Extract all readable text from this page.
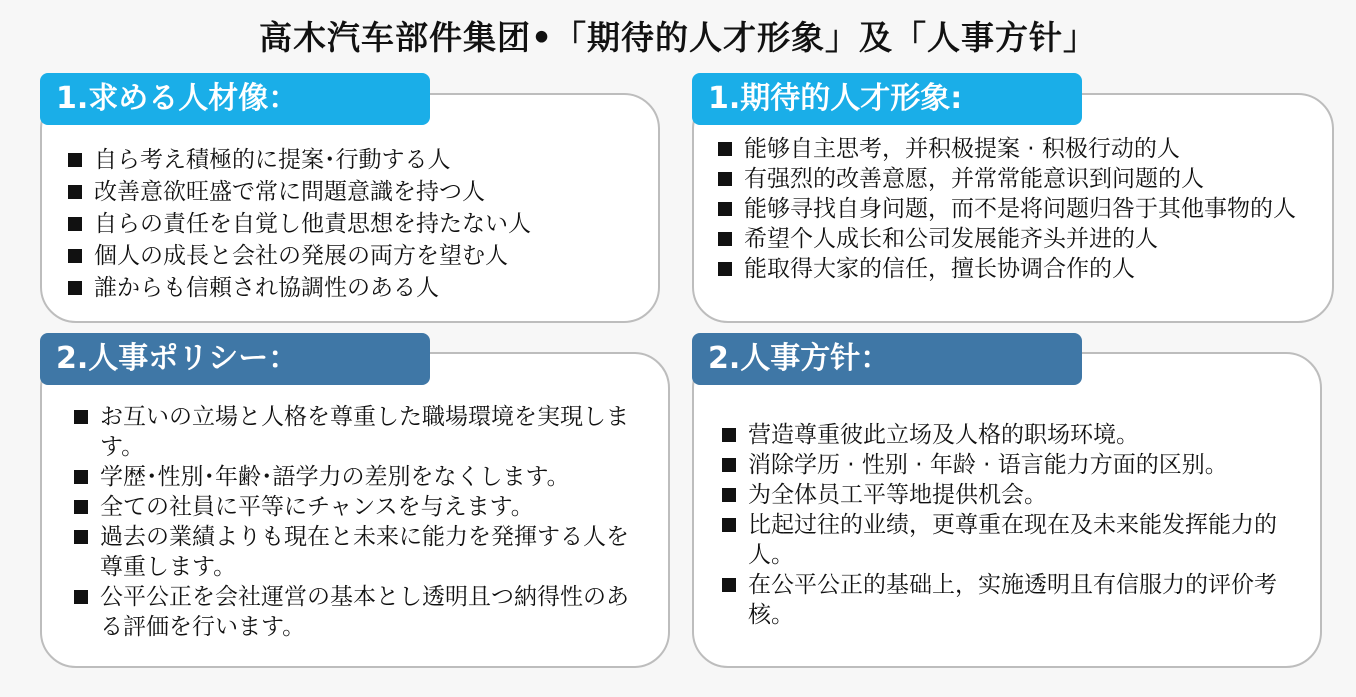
高木汽车部件集团•「期待的人才形象」及「人事方针」
1.求める人材像：
自ら考え積極的に提案･行動する人
改善意欲旺盛で常に問題意識を持つ人
自らの責任を自覚し他責思想を持たない人
個人の成長と会社の発展の両方を望む人
誰からも信頼され協調性のある人
1.期待的人才形象:
能够自主思考，并积极提案 · 积极行动的人
有强烈的改善意愿，并常常能意识到问题的人
能够寻找自身问题，而不是将问题归咎于其他事物的人
希望个人成长和公司发展能齐头并进的人
能取得大家的信任，擅长协调合作的人
2.人事ポリシー：
お互いの立場と人格を尊重した職場環境を実現します。
学歴･性別･年齢･語学力の差別をなくします。
全ての社員に平等にチャンスを与えます。
過去の業績よりも現在と未来に能力を発揮する人を尊重します。
公平公正を会社運営の基本とし透明且つ納得性のある評価を行います。
2.人事方针：
营造尊重彼此立场及人格的职场环境。
消除学历 · 性别 · 年龄 · 语言能力方面的区别。
为全体员工平等地提供机会。
比起过往的业绩，更尊重在现在及未来能发挥能力的人。
在公平公正的基础上，实施透明且有信服力的评价考核。
